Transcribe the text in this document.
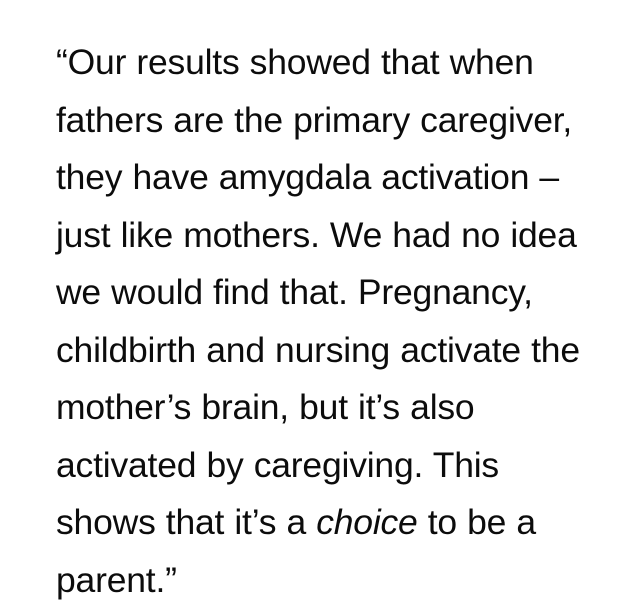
“Our results showed that when fathers are the primary caregiver, they have amygdala activation – just like mothers. We had no idea we would find that. Pregnancy, childbirth and nursing activate the mother’s brain, but it’s also activated by caregiving. This shows that it’s a choice to be a parent.”
